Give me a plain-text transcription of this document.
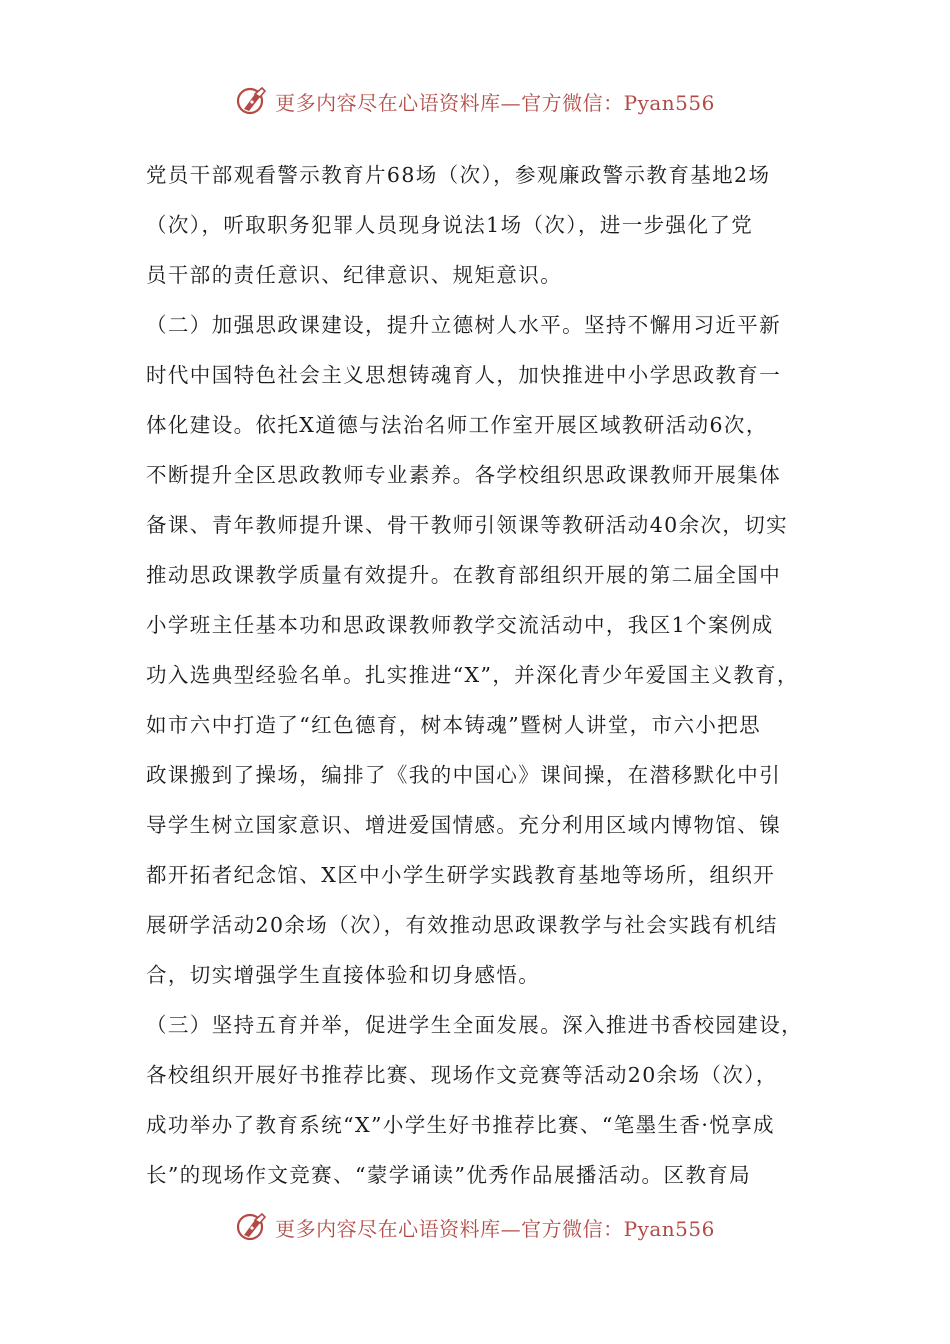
更多内容尽在心语资料库—官方微信：Pyan556
党员干部观看警示教育片68场（次），参观廉政警示教育基地2场
（次），听取职务犯罪人员现身说法1场（次），进一步强化了党
员干部的责任意识、纪律意识、规矩意识。
（二）加强思政课建设，提升立德树人水平。坚持不懈用习近平新
时代中国特色社会主义思想铸魂育人，加快推进中小学思政教育一
体化建设。依托X道德与法治名师工作室开展区域教研活动6次，
不断提升全区思政教师专业素养。各学校组织思政课教师开展集体
备课、青年教师提升课、骨干教师引领课等教研活动40余次，切实
推动思政课教学质量有效提升。在教育部组织开展的第二届全国中
小学班主任基本功和思政课教师教学交流活动中，我区1个案例成
功入选典型经验名单。扎实推进“X”，并深化青少年爱国主义教育，
如市六中打造了“红色德育，树本铸魂”暨树人讲堂，市六小把思
政课搬到了操场，编排了《我的中国心》课间操，在潜移默化中引
导学生树立国家意识、增进爱国情感。充分利用区域内博物馆、镍
都开拓者纪念馆、X区中小学生研学实践教育基地等场所，组织开
展研学活动20余场（次），有效推动思政课教学与社会实践有机结
合，切实增强学生直接体验和切身感悟。
（三）坚持五育并举，促进学生全面发展。深入推进书香校园建设，
各校组织开展好书推荐比赛、现场作文竞赛等活动20余场（次），
成功举办了教育系统“X”小学生好书推荐比赛、“笔墨生香·悦享成
长”的现场作文竞赛、“蒙学诵读”优秀作品展播活动。区教育局
更多内容尽在心语资料库—官方微信：Pyan556
